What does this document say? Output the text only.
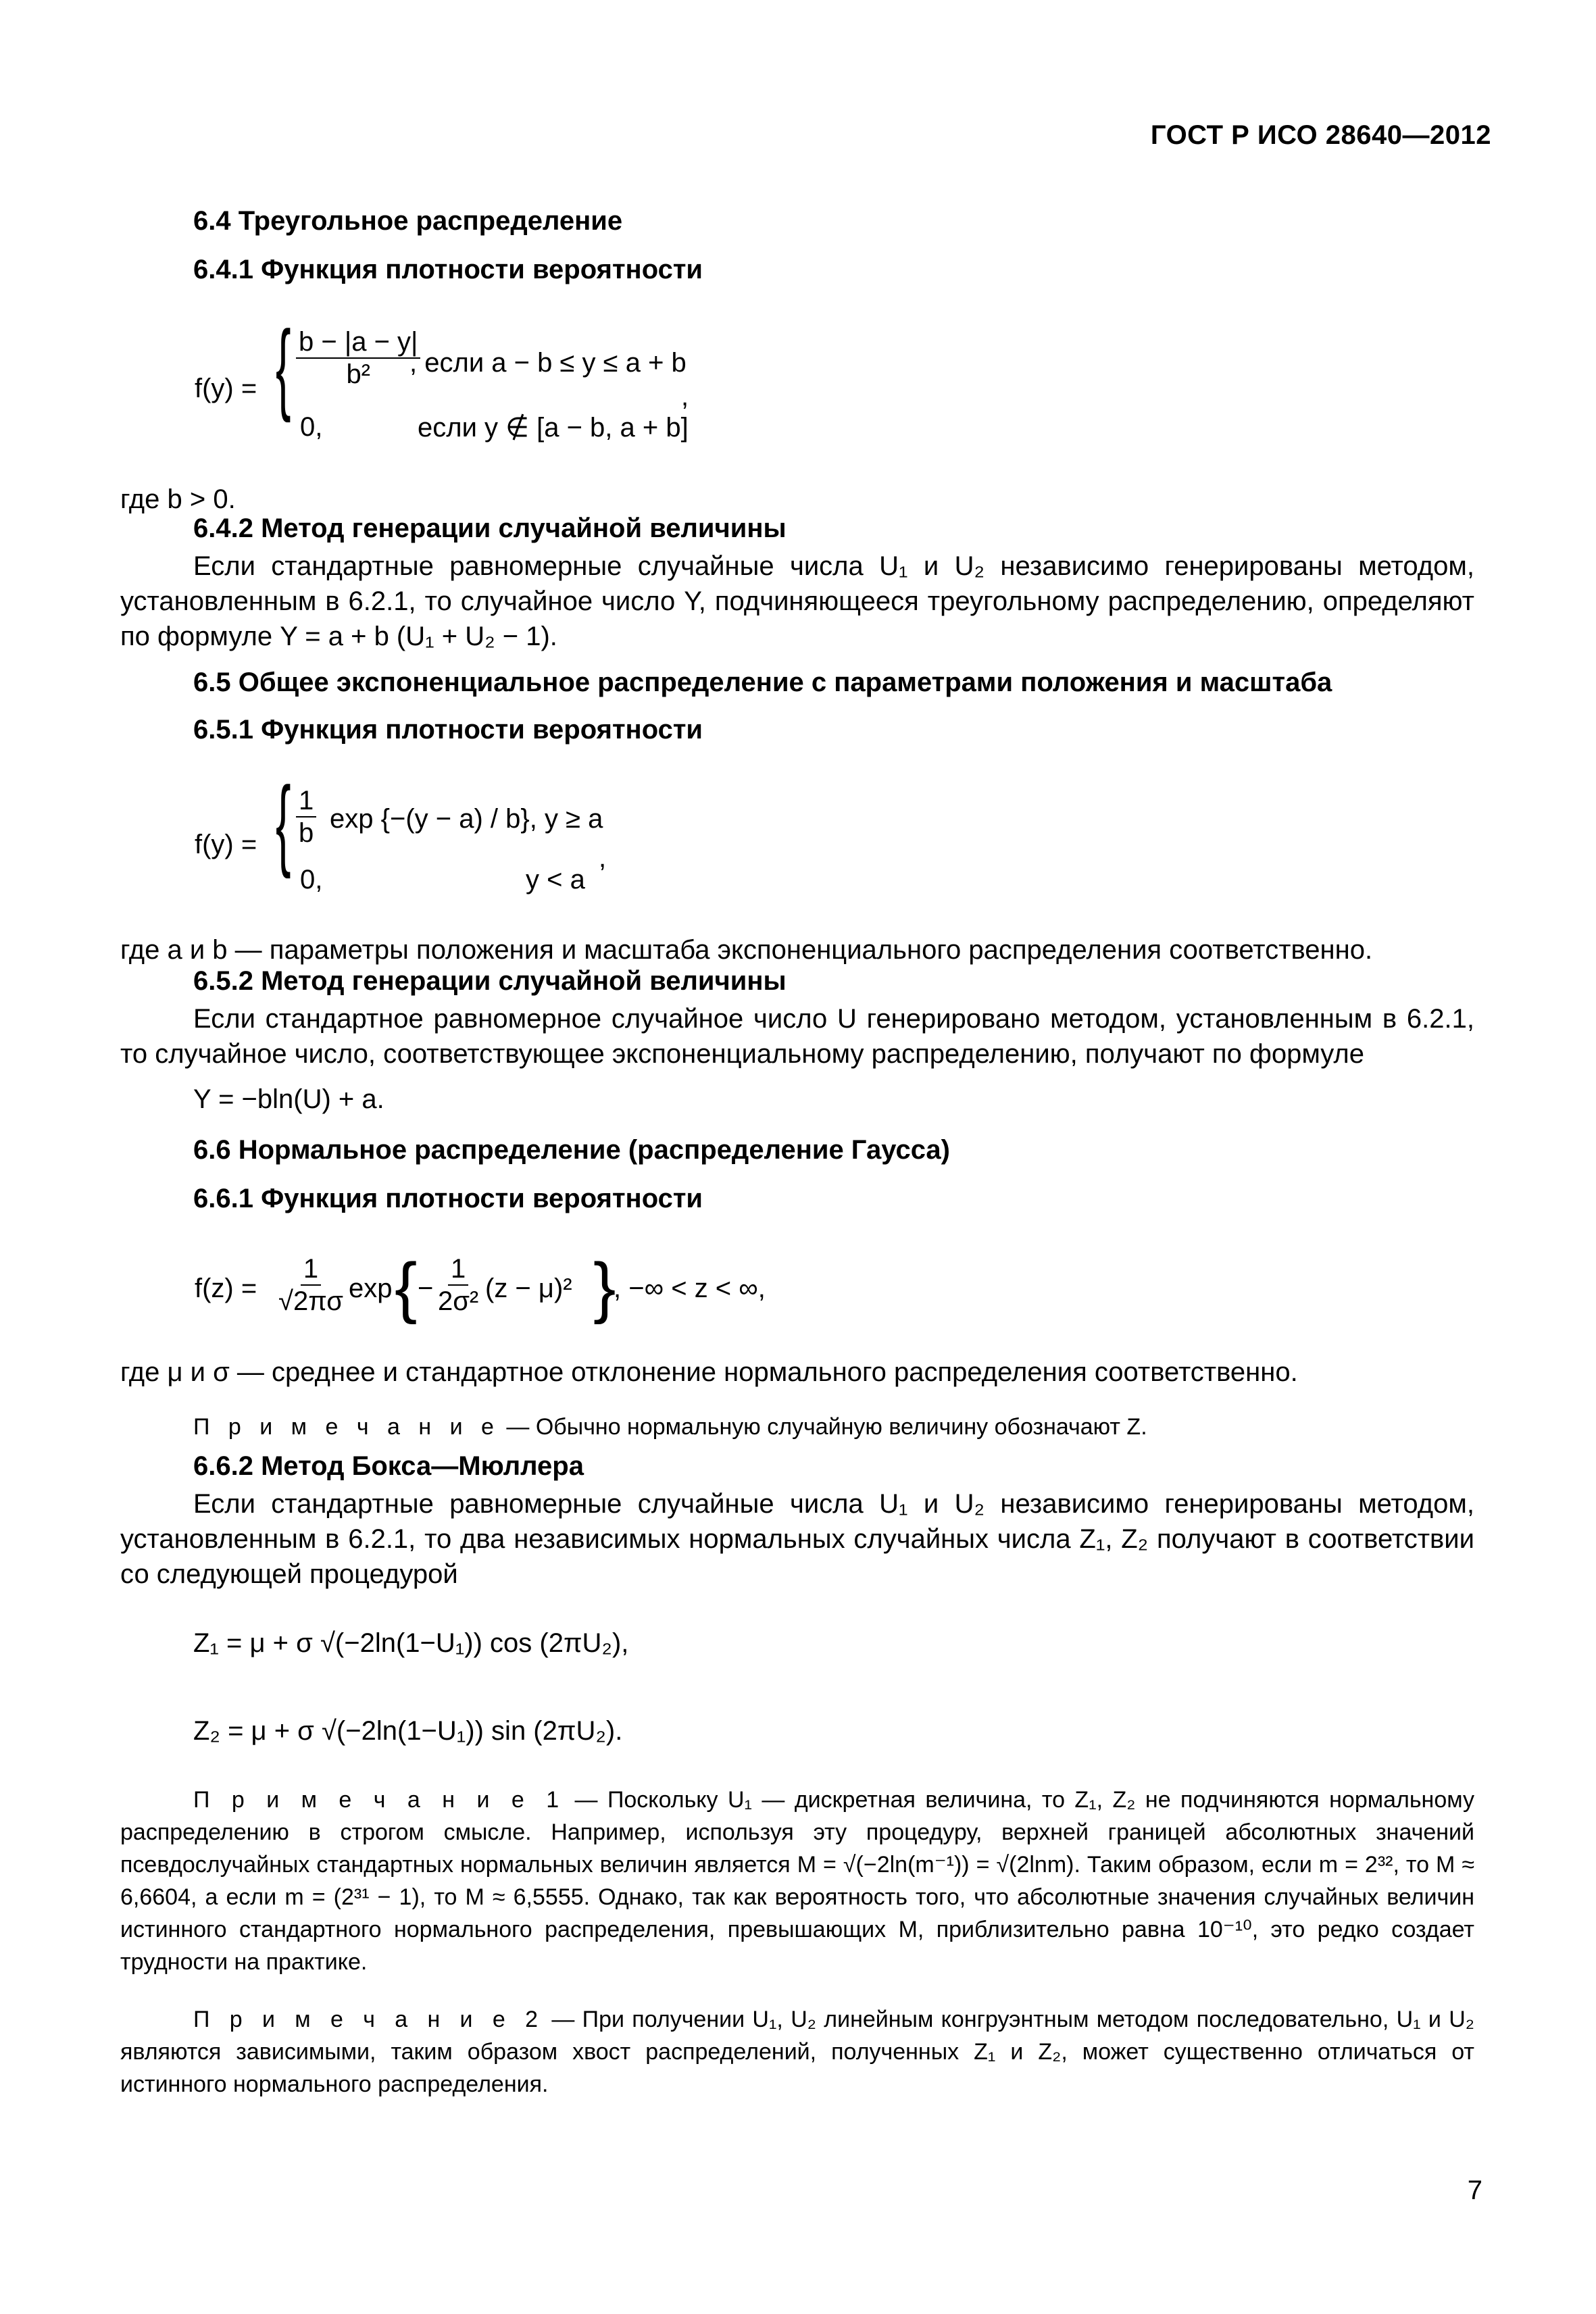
ГОСТ Р ИСО 28640—2012
6.4 Треугольное распределение
6.4.1 Функция плотности вероятности
f(y) = { $\frac{b - |a - y|}{\text{b²}}$
, если a − b ≤ y ≤ a + b
0,	если y ∉ [a − b, a + b]
,
где b > 0.
6.4.2 Метод генерации случайной величины
Если стандартные равномерные случайные числа U₁ и U₂ независимо генерированы методом, установленным в 6.2.1, то случайное число Y, подчиняющееся треугольному распределению, определяют по формуле Y = a + b (U₁ + U₂ − 1).
6.5 Общее экспоненциальное распределение с параметрами положения и масштаба
6.5.1 Функция плотности вероятности
f(y) = { $\frac{1}{b}$ exp {−(y − a) / b}, y ≥ a
0,	y < a
,
где a и b — параметры положения и масштаба экспоненциального распределения соответственно.
6.5.2 Метод генерации случайной величины
Если стандартное равномерное случайное число U генерировано методом, установленным в 6.2.1, то случайное число, соответствующее экспоненциальному распределению, получают по формуле
Y = −bln(U) + a.
6.6 Нормальное распределение (распределение Гаусса)
6.6.1 Функция плотности вероятности
$f(z) = \frac{1}{√2\pi\sigma}$ exp { − $\frac{1}{\text{2σ²}} (z - \mu)^2$ }
, −∞ < z < ∞,
где μ и σ — среднее и стандартное отклонение нормального распределения соответственно.
П р и м е ч а н и е — Обычно нормальную случайную величину обозначают Z.
6.6.2 Метод Бокса—Мюллера
Если стандартные равномерные случайные числа U₁ и U₂ независимо генерированы методом, установленным в 6.2.1, то два независимых нормальных случайных числа Z₁, Z₂ получают в соответствии со следующей процедурой
Z₁ = μ + σ √(−2ln(1−U₁)) cos (2πU₂),
Z₂ = μ + σ √(−2ln(1−U₁)) sin (2πU₂).
П р и м е ч а н и е 1 — Поскольку U₁ — дискретная величина, то Z₁, Z₂ не подчиняются нормальному распределению в строгом смысле. Например, используя эту процедуру, верхней границей абсолютных значений псевдослучайных стандартных нормальных величин является M = √(−2ln(m⁻¹)) = √(2lnm). Таким образом, если m = 2³², то M ≈ 6,6604, а если m = (2³¹ − 1), то M ≈ 6,5555. Однако, так как вероятность того, что абсолютные значения случайных величин истинного стандартного нормального распределения, превышающих M, приблизительно равна 10⁻¹⁰, это редко создает трудности на практике.
П р и м е ч а н и е 2 — При получении U₁, U₂ линейным конгруэнтным методом последовательно, U₁ и U₂ являются зависимыми, таким образом хвост распределений, полученных Z₁ и Z₂, может существенно отличаться от истинного нормального распределения.
7
